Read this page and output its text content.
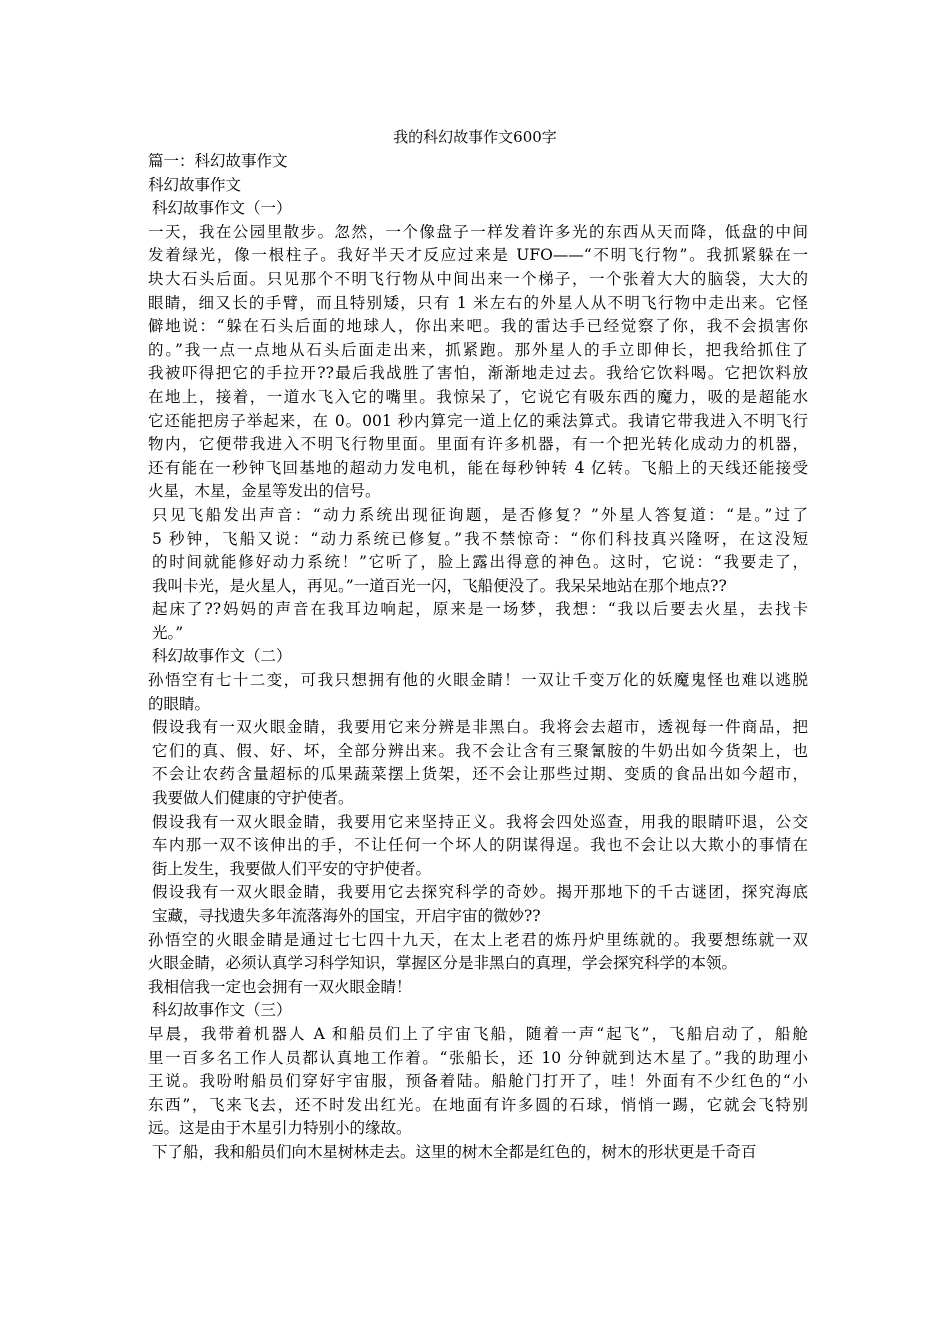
我的科幻故事作文600字
篇一：科幻故事作文
科幻故事作文
科幻故事作文（一）
一天，我在公园里散步。忽然，一个像盘子一样发着许多光的东西从天而降，低盘的中间
发着绿光，像一根柱子。我好半天才反应过来是 UFO——“不明飞行物”。我抓紧躲在一
块大石头后面。只见那个不明飞行物从中间出来一个梯子，一个张着大大的脑袋，大大的
眼睛，细又长的手臂，而且特别矮，只有 1 米左右的外星人从不明飞行物中走出来。它怪
僻地说：“躲在石头后面的地球人，你出来吧。我的雷达手已经觉察了你，我不会损害你
的。”我一点一点地从石头后面走出来，抓紧跑。那外星人的手立即伸长，把我给抓住了
我被吓得把它的手拉开??最后我战胜了害怕，渐渐地走过去。我给它饮料喝。它把饮料放
在地上，接着，一道水飞入它的嘴里。我惊呆了，它说它有吸东西的魔力，吸的是超能水
它还能把房子举起来，在 0。001 秒内算完一道上亿的乘法算式。我请它带我进入不明飞行
物内，它便带我进入不明飞行物里面。里面有许多机器，有一个把光转化成动力的机器，
还有能在一秒钟飞回基地的超动力发电机，能在每秒钟转 4 亿转。飞船上的天线还能接受
火星，木星，金星等发出的信号。
只见飞船发出声音：“动力系统出现征询题，是否修复？”外星人答复道：“是。”过了
5 秒钟，飞船又说：“动力系统已修复。”我不禁惊奇：“你们科技真兴隆呀，在这没短
的时间就能修好动力系统！”它听了，脸上露出得意的神色。这时，它说：“我要走了，
我叫卡光，是火星人，再见。”一道百光一闪，飞船便没了。我呆呆地站在那个地点??
起床了??妈妈的声音在我耳边响起，原来是一场梦，我想：“我以后要去火星，去找卡
光。”
科幻故事作文（二）
孙悟空有七十二变，可我只想拥有他的火眼金睛！一双让千变万化的妖魔鬼怪也难以逃脱
的眼睛。
假设我有一双火眼金睛，我要用它来分辨是非黑白。我将会去超市，透视每一件商品，把
它们的真、假、好、坏，全部分辨出来。我不会让含有三聚氰胺的牛奶出如今货架上，也
不会让农药含量超标的瓜果蔬菜摆上货架，还不会让那些过期、变质的食品出如今超市，
我要做人们健康的守护使者。
假设我有一双火眼金睛，我要用它来坚持正义。我将会四处巡查，用我的眼睛吓退，公交
车内那一双不该伸出的手，不让任何一个坏人的阴谋得逞。我也不会让以大欺小的事情在
街上发生，我要做人们平安的守护使者。
假设我有一双火眼金睛，我要用它去探究科学的奇妙。揭开那地下的千古谜团，探究海底
宝藏，寻找遗失多年流落海外的国宝，开启宇宙的微妙??
孙悟空的火眼金睛是通过七七四十九天，在太上老君的炼丹炉里练就的。我要想练就一双
火眼金睛，必须认真学习科学知识，掌握区分是非黑白的真理，学会探究科学的本领。
我相信我一定也会拥有一双火眼金睛！
科幻故事作文（三）
早晨，我带着机器人 A 和船员们上了宇宙飞船，随着一声“起飞”，飞船启动了，船舱
里一百多名工作人员都认真地工作着。“张船长，还 10 分钟就到达木星了。”我的助理小
王说。我吩咐船员们穿好宇宙服，预备着陆。船舱门打开了，哇！外面有不少红色的“小
东西”，飞来飞去，还不时发出红光。在地面有许多圆的石球，悄悄一踢，它就会飞特别
远。这是由于木星引力特别小的缘故。
下了船，我和船员们向木星树林走去。这里的树木全都是红色的，树木的形状更是千奇百
